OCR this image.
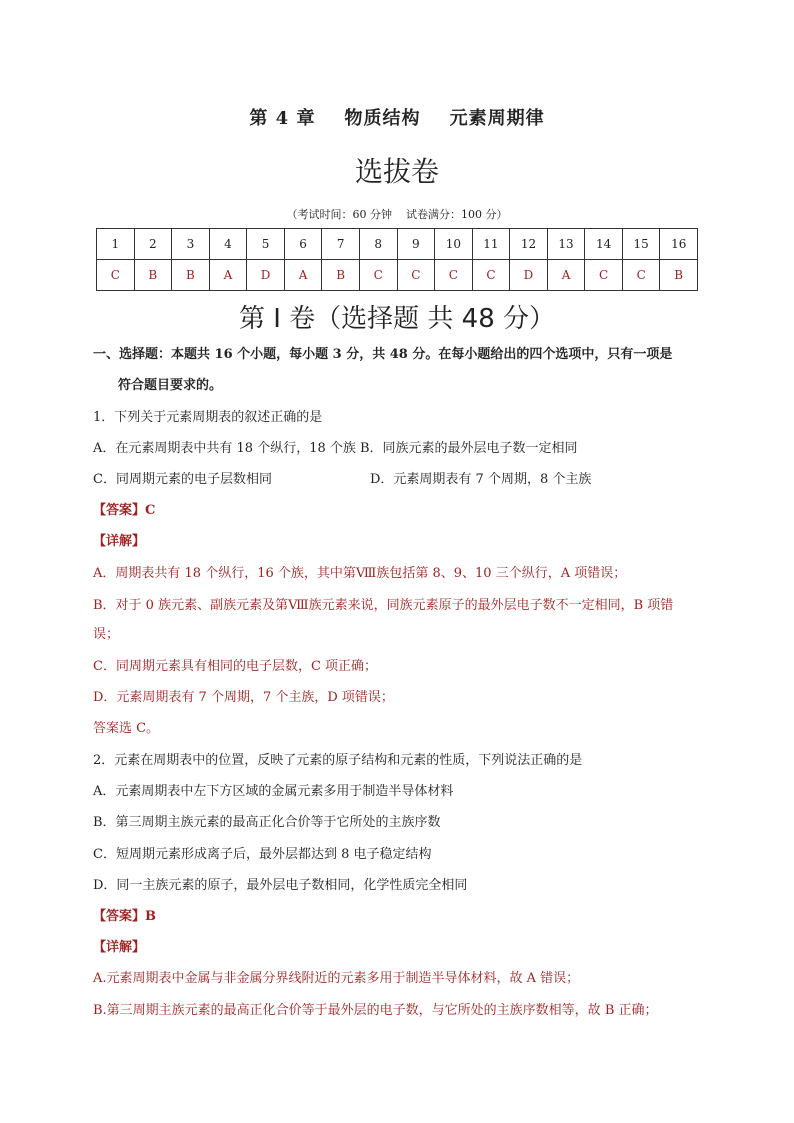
第 4 章    物质结构    元素周期律
选拔卷
（考试时间：60 分钟    试卷满分：100 分）
1	2	3	4	5	6	7	8	9	10	11	12	13	14	15	16
C	B	B	A	D	A	B	C	C	C	C	D	A	C	C	B
第 I 卷（选择题 共 48 分）
一、选择题：本题共 16 个小题，每小题 3 分，共 48 分。在每小题给出的四个选项中，只有一项是
符合题目要求的。
1．下列关于元素周期表的叙述正确的是
A．在元素周期表中共有 18 个纵行，18 个族 B．同族元素的最外层电子数一定相同
C．同周期元素的电子层数相同	D．元素周期表有 7 个周期，8 个主族
【答案】C
【详解】
A．周期表共有 18 个纵行，16 个族，其中第Ⅷ族包括第 8、9、10 三个纵行，A 项错误；
B．对于 0 族元素、副族元素及第Ⅷ族元素来说，同族元素原子的最外层电子数不一定相同，B 项错
误；
C．同周期元素具有相同的电子层数，C 项正确；
D．元素周期表有 7 个周期，7 个主族，D 项错误；
答案选 C。
2．元素在周期表中的位置，反映了元素的原子结构和元素的性质，下列说法正确的是
A．元素周期表中左下方区域的金属元素多用于制造半导体材料
B．第三周期主族元素的最高正化合价等于它所处的主族序数
C．短周期元素形成离子后，最外层都达到 8 电子稳定结构
D．同一主族元素的原子，最外层电子数相同，化学性质完全相同
【答案】B
【详解】
A.元素周期表中金属与非金属分界线附近的元素多用于制造半导体材料，故 A 错误；
B.第三周期主族元素的最高正化合价等于最外层的电子数，与它所处的主族序数相等，故 B 正确；
